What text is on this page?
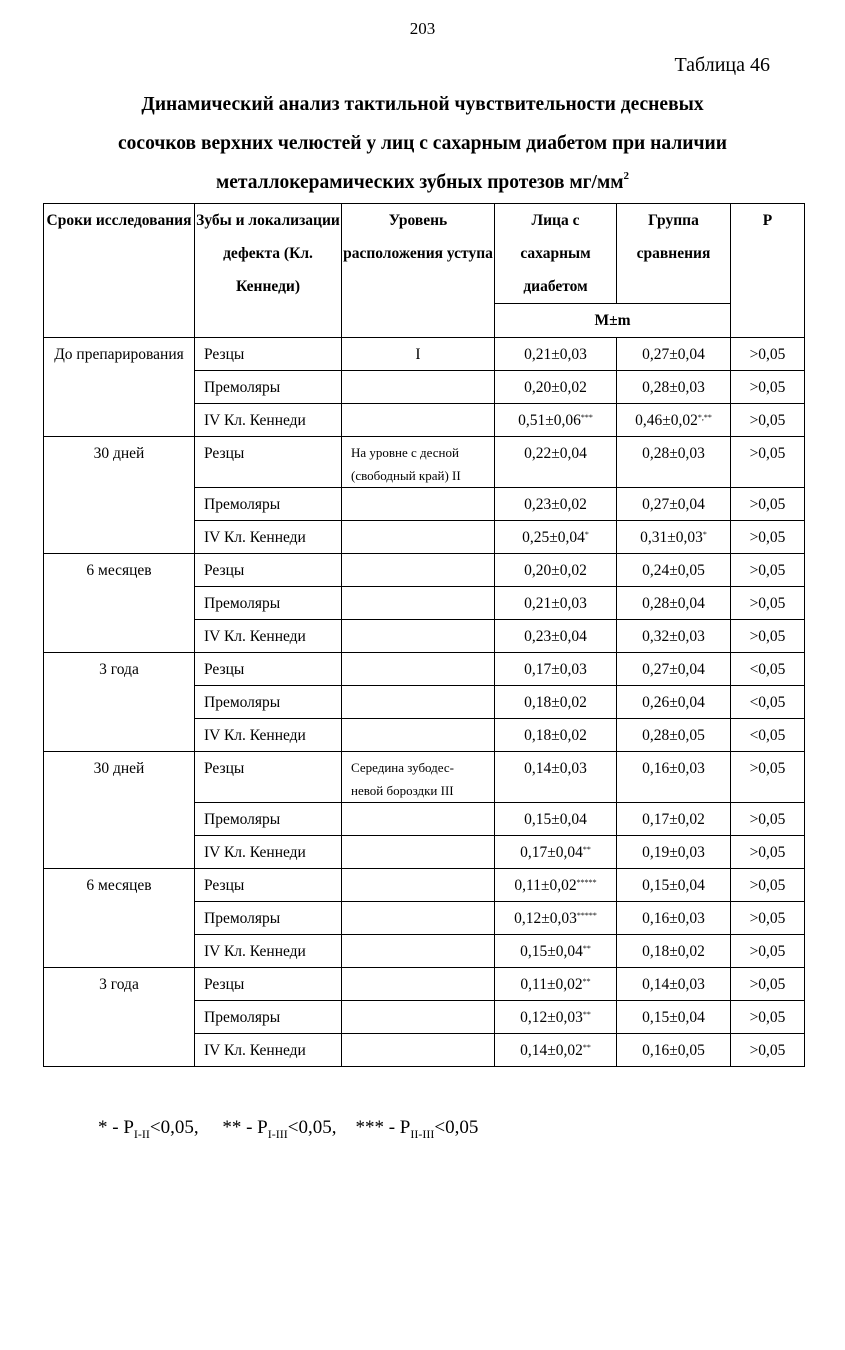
203
Таблица 46
Динамический анализ тактильной чувствительности десневых
сосочков верхних челюстей у лиц с сахарным диабетом при наличии
металлокерамических зубных протезов $мг/мм^2$
Сроки исследования	Зубы и локализации дефекта (Кл. Кеннеди)	Уровень расположения уступа	Лица с сахарным диабетом	Группа сравнения	P
			M±m		
До препарирования	Резцы	I	0,21±0,03	0,27±0,04	>0,05
	Премоляры		0,20±0,02	0,28±0,03	>0,05
	IV Кл. Кеннеди		0,51±0,06***	0,46±0,02*,**	>0,05
30 дней	Резцы	На уровне с десной (свободный край) II	0,22±0,04	0,28±0,03	>0,05
	Премоляры		0,23±0,02	0,27±0,04	>0,05
	IV Кл. Кеннеди		0,25±0,04*	0,31±0,03*	>0,05
6 месяцев	Резцы		0,20±0,02	0,24±0,05	>0,05
	Премоляры		0,21±0,03	0,28±0,04	>0,05
	IV Кл. Кеннеди		0,23±0,04	0,32±0,03	>0,05
3 года	Резцы		0,17±0,03	0,27±0,04	<0,05
	Премоляры		0,18±0,02	0,26±0,04	<0,05
	IV Кл. Кеннеди		0,18±0,02	0,28±0,05	<0,05
30 дней	Резцы	Середина зубодес-невой бороздки III	0,14±0,03	0,16±0,03	>0,05
	Премоляры		0,15±0,04	0,17±0,02	>0,05
	IV Кл. Кеннеди		0,17±0,04**	0,19±0,03	>0,05
6 месяцев	Резцы		0,11±0,02*****	0,15±0,04	>0,05
	Премоляры		0,12±0,03*****	0,16±0,03	>0,05
	IV Кл. Кеннеди		0,15±0,04**	0,18±0,02	>0,05
3 года	Резцы		0,11±0,02**	0,14±0,03	>0,05
	Премоляры		0,12±0,03**	0,15±0,04	>0,05
	IV Кл. Кеннеди		0,14±0,02**	0,16±0,05	>0,05
* - $P_{I-II}<0,05$, ** - $P_{I-III}<0,05$, *** - $P_{II-III}<0,05$
